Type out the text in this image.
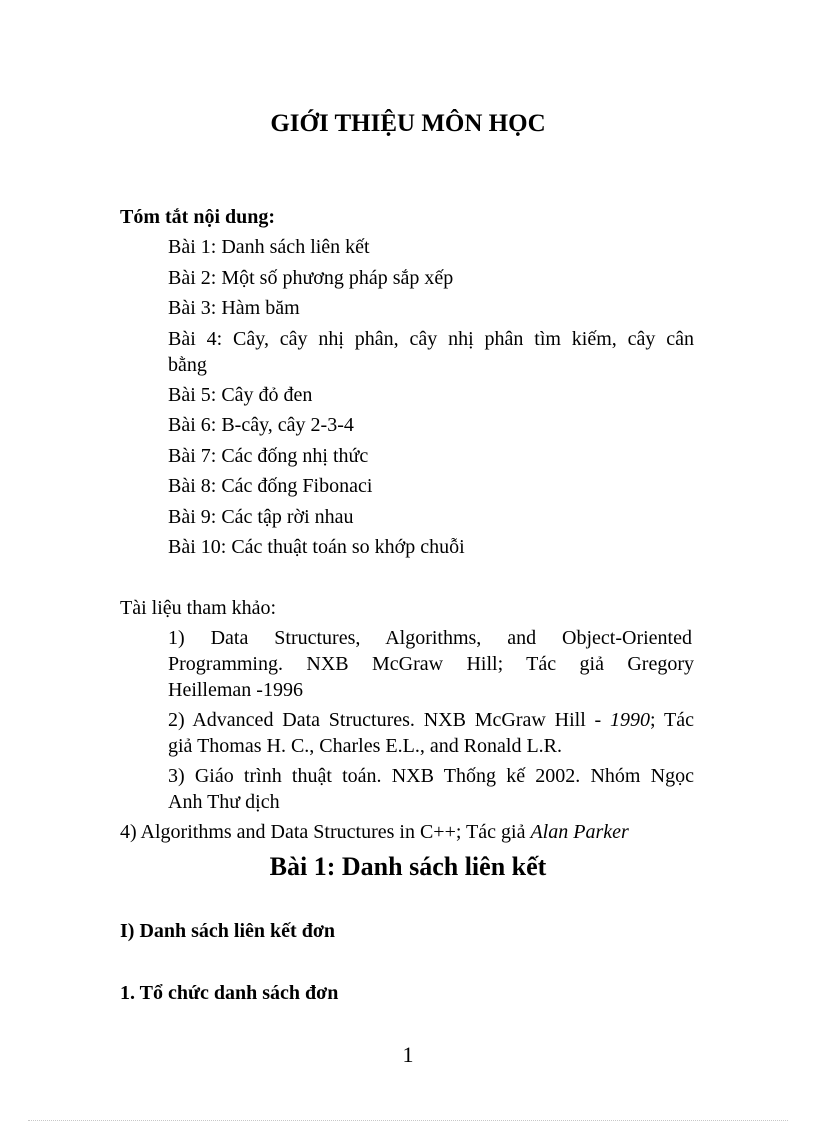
GIỚI THIỆU MÔN HỌC
Tóm tắt nội dung:
Bài 1: Danh sách liên kết
Bài 2: Một số phương pháp sắp xếp
Bài 3: Hàm băm
Bài 4: Cây, cây nhị phân, cây nhị phân tìm kiếm, cây cân
bằng
Bài 5: Cây đỏ đen
Bài 6: B-cây, cây 2-3-4
Bài 7: Các đống nhị thức
Bài 8: Các đống Fibonaci
Bài 9: Các tập rời nhau
Bài 10: Các thuật toán so khớp chuỗi
Tài liệu tham khảo:
1) Data Structures, Algorithms, and Object-Oriented
Programming. NXB McGraw Hill; Tác giả Gregory
Heilleman -1996
2) Advanced Data Structures. NXB McGraw Hill - 1990; Tác
giả Thomas H. C., Charles E.L., and Ronald L.R.
3) Giáo trình thuật toán. NXB Thống kế 2002. Nhóm Ngọc
Anh Thư dịch
4) Algorithms and Data Structures in C++; Tác giả Alan Parker
Bài 1: Danh sách liên kết
I) Danh sách liên kết đơn
1. Tổ chức danh sách đơn
1
